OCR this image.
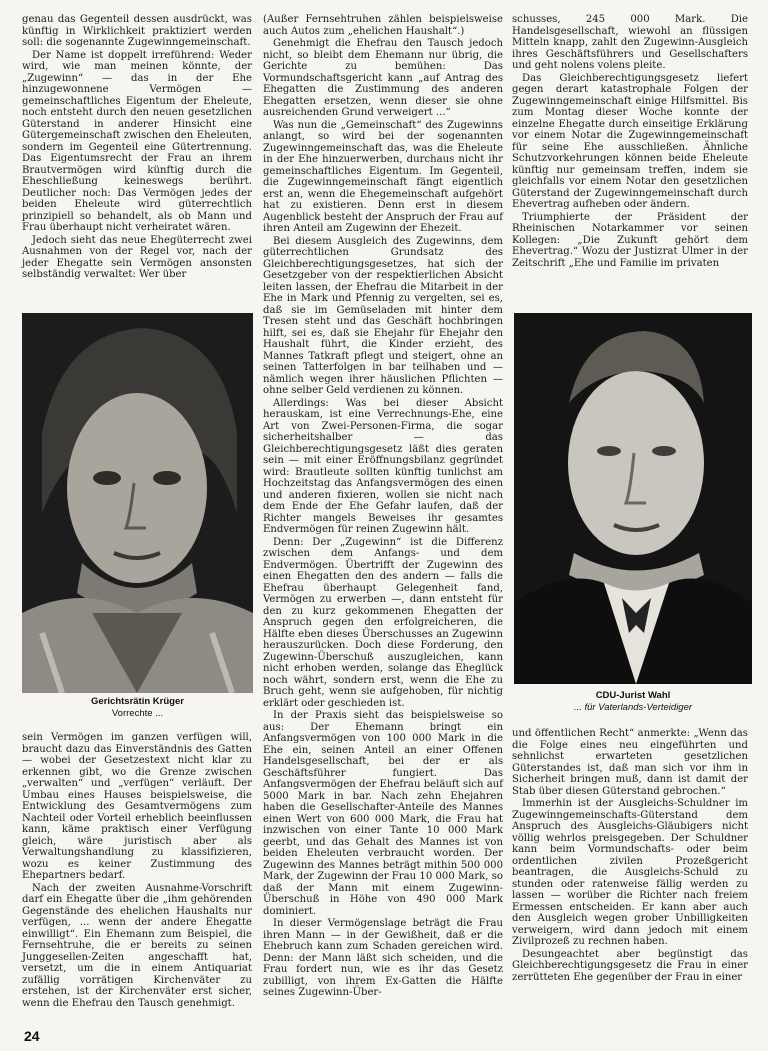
genau das Gegenteil dessen ausdrückt, was künftig in Wirklichkeit praktiziert werden soll: die sogenannte Zugewinngemeinschaft.

Der Name ist doppelt irreführend: Weder wird, wie man meinen könnte, der „Zugewinn“ — das in der Ehe hinzugewonnene Vermögen — gemeinschaftliches Eigentum der Eheleute, noch entsteht durch den neuen gesetzlichen Güterstand in anderer Hinsicht eine Gütergemeinschaft zwischen den Eheleuten, sondern im Gegenteil eine Gütertrennung. Das Eigentumsrecht der Frau an ihrem Brautvermögen wird künftig durch die Eheschließung keineswegs berührt. Deutlicher noch: Das Vermögen jedes der beiden Eheleute wird güterrechtlich prinzipiell so behandelt, als ob Mann und Frau überhaupt nicht verheiratet wären.

Jedoch sieht das neue Ehegüterrecht zwei Ausnahmen von der Regel vor, nach der jeder Ehegatte sein Vermögen ansonsten selbständig verwaltet: Wer über

Gerichtsrätin Krüger
Vorrechte ...

sein Vermögen im ganzen verfügen will, braucht dazu das Einverständnis des Gatten — wobei der Gesetzestext nicht klar zu erkennen gibt, wo die Grenze zwischen „verwalten“ und „verfügen“ verläuft. Der Umbau eines Hauses beispielsweise, die Entwicklung des Gesamtvermögens zum Nachteil oder Vorteil erheblich beeinflussen kann, käme praktisch einer Verfügung gleich, wäre juristisch aber als Verwaltungshandlung zu klassifizieren, wozu es keiner Zustimmung des Ehepartners bedarf.

Nach der zweiten Ausnahme-Vorschrift darf ein Ehegatte über die „ihm gehörenden Gegenstände des ehelichen Haushalts nur verfügen, ... wenn der andere Ehegatte einwilligt“. Ein Ehemann zum Beispiel, die Fernsehtruhe, die er bereits zu seinen Junggesellen-Zeiten angeschafft hat, versetzt, um die in einem Antiquariat zufällig vorrätigen Kirchenväter zu erstehen, ist der Kirchenväter erst sicher, wenn die Ehefrau den Tausch genehmigt.

(Außer Fernsehtruhen zählen beispielsweise auch Autos zum „ehelichen Haushalt“.)

Genehmigt die Ehefrau den Tausch jedoch nicht, so bleibt dem Ehemann nur übrig, die Gerichte zu bemühen: Das Vormundschaftsgericht kann „auf Antrag des Ehegatten die Zustimmung des anderen Ehegatten ersetzen, wenn dieser sie ohne ausreichenden Grund verweigert ...“

Was nun die „Gemeinschaft“ des Zugewinns anlangt, so wird bei der sogenannten Zugewinngemeinschaft das, was die Eheleute in der Ehe hinzuerwerben, durchaus nicht ihr gemeinschaftliches Eigentum. Im Gegenteil, die Zugewinngemeinschaft fängt eigentlich erst an, wenn die Ehegemeinschaft aufgehört hat zu existieren. Denn erst in diesem Augenblick besteht der Anspruch der Frau auf ihren Anteil am Zugewinn der Ehezeit.

Bei diesem Ausgleich des Zugewinns, dem güterrechtlichen Grundsatz des Gleichberechtigungsgesetzes, hat sich der Gesetzgeber von der respektierlichen Absicht leiten lassen, der Ehefrau die Mitarbeit in der Ehe in Mark und Pfennig zu vergelten, sei es, daß sie im Gemüseladen mit hinter dem Tresen steht und das Geschäft hochbringen hilft, sei es, daß sie Ehejahr für Ehejahr den Haushalt führt, die Kinder erzieht, des Mannes Tatkraft pflegt und steigert, ohne an seinen Tatterfolgen in bar teilhaben und — nämlich wegen ihrer häuslichen Pflichten — ohne selber Geld verdienen zu können.

Allerdings: Was bei dieser Absicht herauskam, ist eine Verrechnungs-Ehe, eine Art von Zwei-Personen-Firma, die sogar sicherheitshalber — das Gleichberechtigungsgesetz läßt dies geraten sein — mit einer Eröffnungsbilanz gegründet wird: Brautleute sollten künftig tunlichst am Hochzeitstag das Anfangsvermögen des einen und anderen fixieren, wollen sie nicht nach dem Ende der Ehe Gefahr laufen, daß der Richter mangels Beweises ihr gesamtes Endvermögen für reinen Zugewinn hält.

Denn: Der „Zugewinn“ ist die Differenz zwischen dem Anfangs- und dem Endvermögen. Übertrifft der Zugewinn des einen Ehegatten den des andern — falls die Ehefrau überhaupt Gelegenheit fand, Vermögen zu erwerben —, dann entsteht für den zu kurz gekommenen Ehegatten der Anspruch gegen den erfolgreicheren, die Hälfte eben dieses Überschusses an Zugewinn herauszurücken. Doch diese Forderung, den Zugewinn-Überschuß auszugleichen, kann nicht erhoben werden, solange das Eheglück noch währt, sondern erst, wenn die Ehe zu Bruch geht, wenn sie aufgehoben, für nichtig erklärt oder geschieden ist.

In der Praxis sieht das beispielsweise so aus: Der Ehemann bringt ein Anfangsvermögen von 100 000 Mark in die Ehe ein, seinen Anteil an einer Offenen Handelsgesellschaft, bei der er als Geschäftsführer fungiert. Das Anfangsvermögen der Ehefrau beläuft sich auf 5000 Mark in bar. Nach zehn Ehejahren haben die Gesellschafter-Anteile des Mannes einen Wert von 600 000 Mark, die Frau hat inzwischen von einer Tante 10 000 Mark geerbt, und das Gehalt des Mannes ist von beiden Eheleuten verbraucht worden. Der Zugewinn des Mannes beträgt mithin 500 000 Mark, der Zugewinn der Frau 10 000 Mark, so daß der Mann mit einem Zugewinn-Überschuß in Höhe von 490 000 Mark dominiert.

In dieser Vermögenslage beträgt die Frau ihren Mann — in der Gewißheit, daß er die Ehebruch kann zum Schaden gereichen wird. Denn: der Mann läßt sich scheiden, und die Frau fordert nun, wie es ihr das Gesetz zubilligt, von ihrem Ex-Gatten die Hälfte seines Zugewinn-Über-

schusses, 245 000 Mark. Die Handelsgesellschaft, wiewohl an flüssigen Mitteln knapp, zahlt den Zugewinn-Ausgleich ihres Geschäftsführers und Gesellschafters und geht nolens volens pleite.

Das Gleichberechtigungsgesetz liefert gegen derart katastrophale Folgen der Zugewinngemeinschaft einige Hilfsmittel. Bis zum Montag dieser Woche konnte der einzelne Ehegatte durch einseitige Erklärung vor einem Notar die Zugewinngemeinschaft für seine Ehe ausschließen. Ähnliche Schutzvorkehrungen können beide Eheleute künftig nur gemeinsam treffen, indem sie gleichfalls vor einem Notar den gesetzlichen Güterstand der Zugewinngemeinschaft durch Ehevertrag aufheben oder ändern.

Triumphierte der Präsident der Rheinischen Notarkammer vor seinen Kollegen: „Die Zukunft gehört dem Ehevertrag.“ Wozu der Justizrat Ulmer in der Zeitschrift „Ehe und Familie im privaten

CDU-Jurist Wahl
... für Vaterlands-Verteidiger

und öffentlichen Recht“ anmerkte: „Wenn das die Folge eines neu eingeführten und sehnlichst erwarteten gesetzlichen Güterstandes ist, daß man sich vor ihm in Sicherheit bringen muß, dann ist damit der Stab über diesen Güterstand gebrochen.“

Immerhin ist der Ausgleichs-Schuldner im Zugewinngemeinschafts-Güterstand dem Anspruch des Ausgleichs-Gläubigers nicht völlig wehrlos preisgegeben. Der Schuldner kann beim Vormundschafts- oder beim ordentlichen zivilen Prozeßgericht beantragen, die Ausgleichs-Schuld zu stunden oder ratenweise fällig werden zu lassen — worüber die Richter nach freiem Ermessen entscheiden. Er kann aber auch den Ausgleich wegen grober Unbilligkeiten verweigern, wird dann jedoch mit einem Zivilprozeß zu rechnen haben.

Desungeachtet aber begünstigt das Gleichberechtigungsgesetz die Frau in einer zerrütteten Ehe gegenüber der Frau in einer

24
